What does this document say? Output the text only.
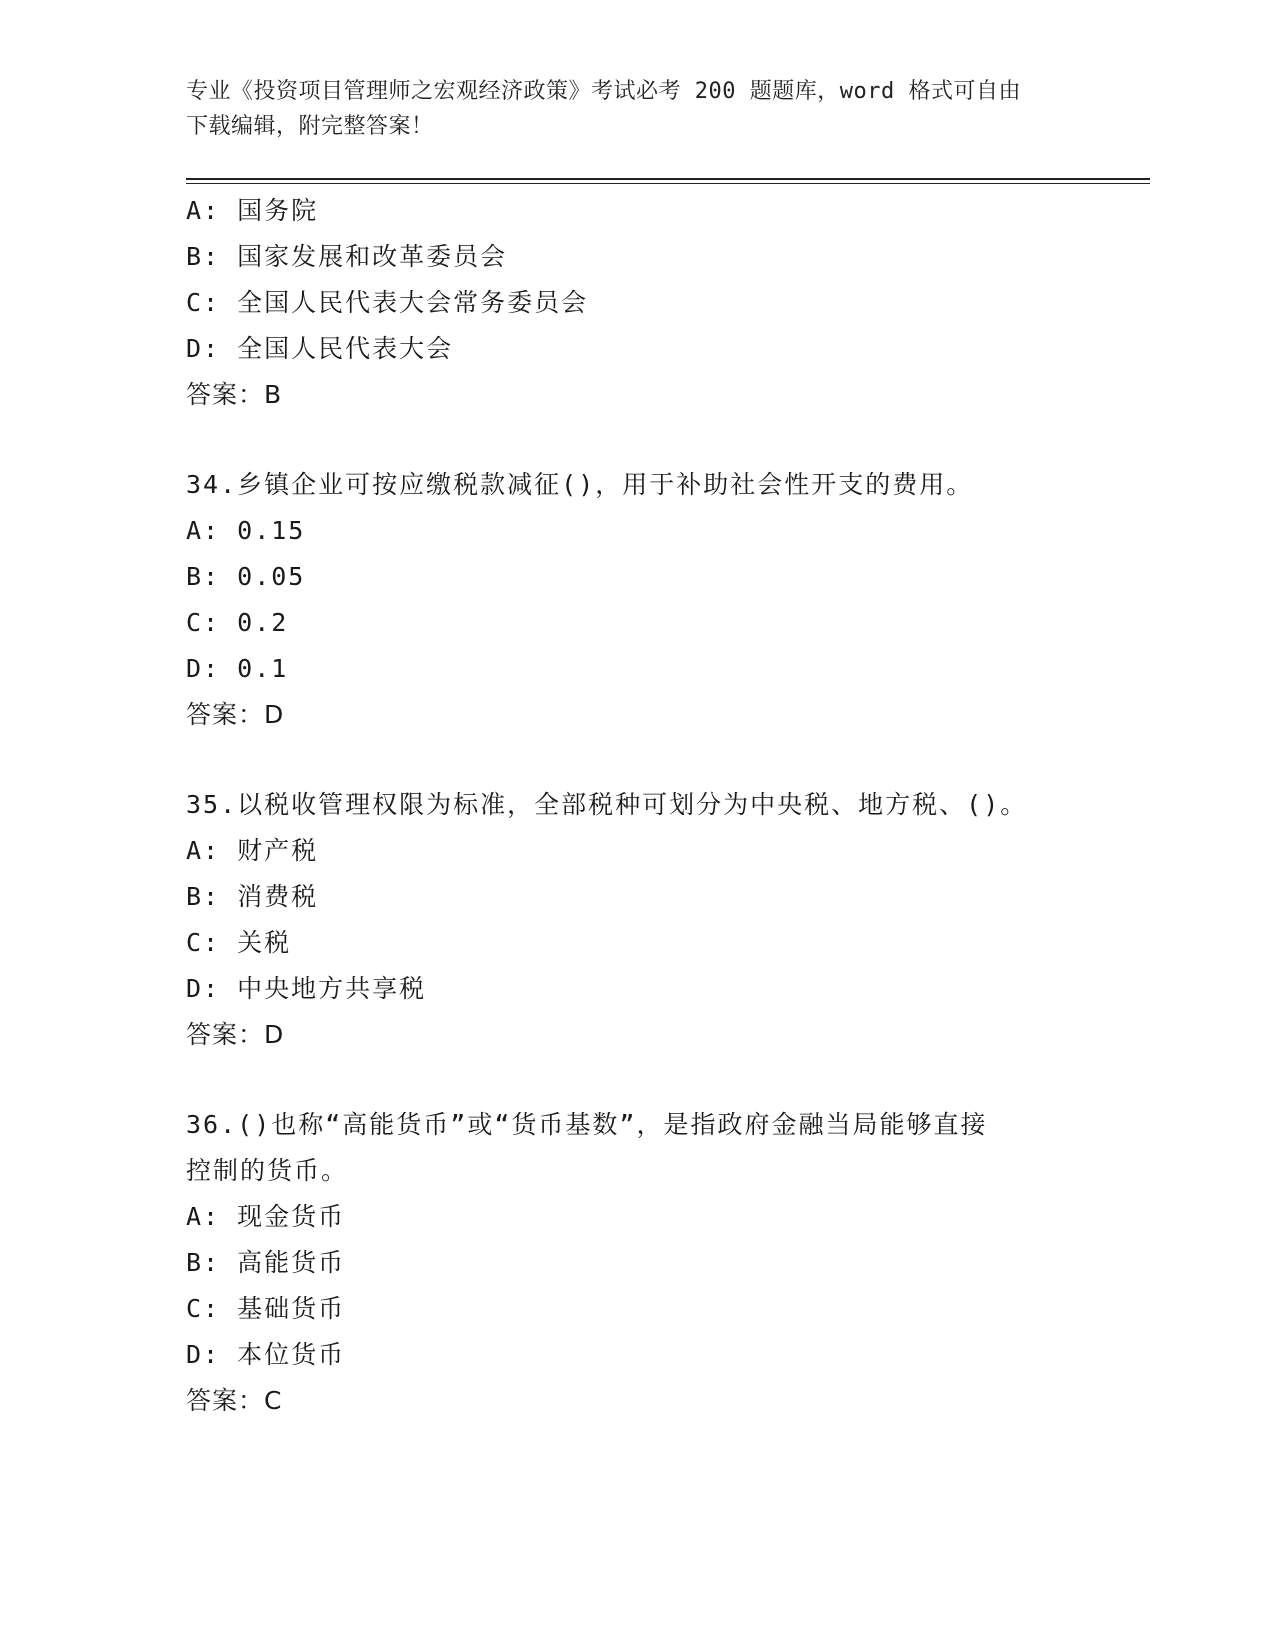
专业《投资项目管理师之宏观经济政策》考试必考 200 题题库，word 格式可自由
下载编辑，附完整答案！
A: 国务院
B: 国家发展和改革委员会
C: 全国人民代表大会常务委员会
D: 全国人民代表大会
答案：B
34.乡镇企业可按应缴税款减征()，用于补助社会性开支的费用。
A: 0.15
B: 0.05
C: 0.2
D: 0.1
答案：D
35.以税收管理权限为标准，全部税种可划分为中央税、地方税、()。
A: 财产税
B: 消费税
C: 关税
D: 中央地方共享税
答案：D
36.()也称“高能货币”或“货币基数”，是指政府金融当局能够直接
控制的货币。
A: 现金货币
B: 高能货币
C: 基础货币
D: 本位货币
答案：C
